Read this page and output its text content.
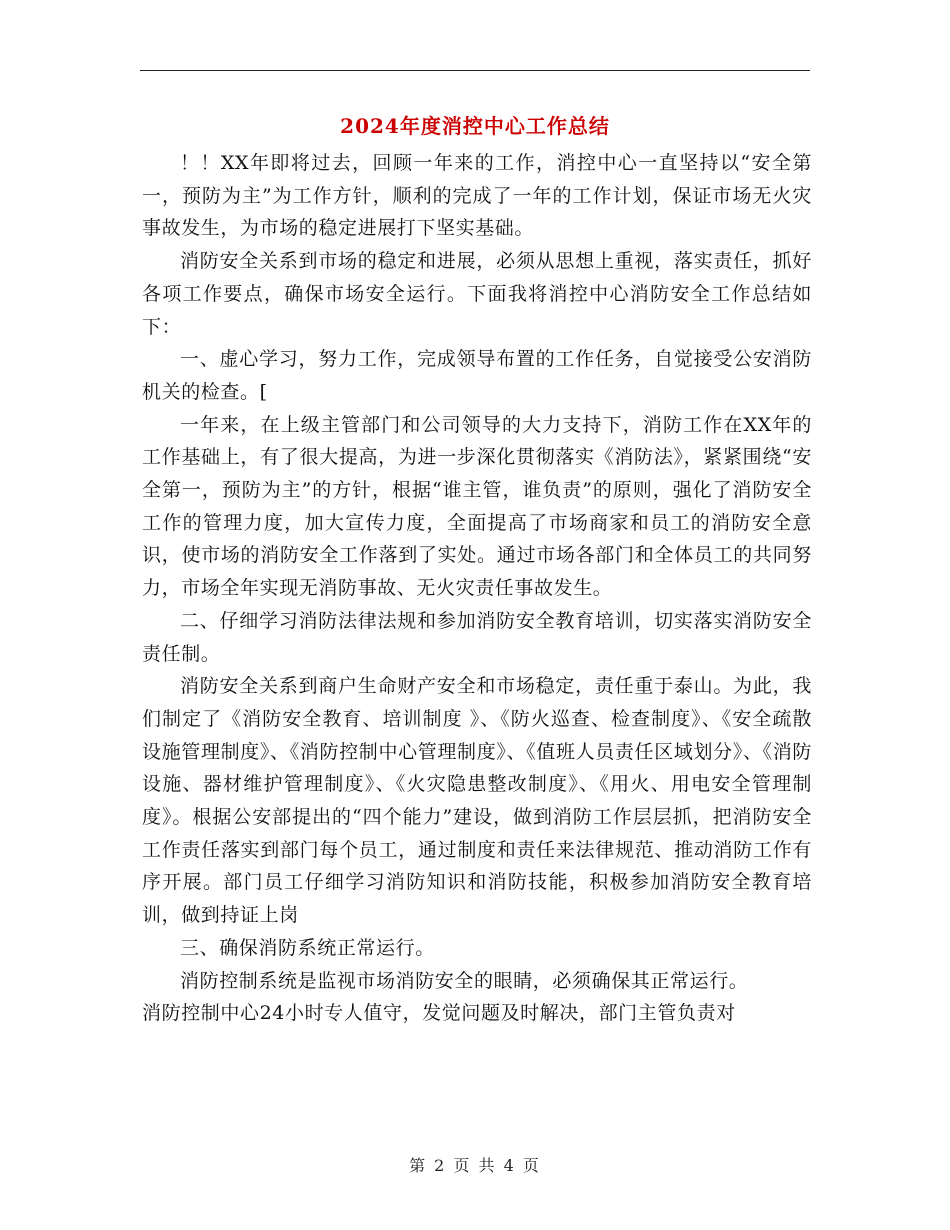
2024年度消控中心工作总结

！！XX年即将过去，回顾一年来的工作，消控中心一直坚持以“安全第一，预防为主”为工作方针，顺利的完成了一年的工作计划，保证市场无火灾事故发生，为市场的稳定进展打下坚实基础。

消防安全关系到市场的稳定和进展，必须从思想上重视，落实责任，抓好各项工作要点，确保市场安全运行。下面我将消控中心消防安全工作总结如下：

一、虚心学习，努力工作，完成领导布置的工作任务，自觉接受公安消防机关的检查。[

一年来，在上级主管部门和公司领导的大力支持下，消防工作在XX年的工作基础上，有了很大提高，为进一步深化贯彻落实《消防法》，紧紧围绕“安全第一，预防为主”的方针，根据“谁主管，谁负责”的原则，强化了消防安全工作的管理力度，加大宣传力度，全面提高了市场商家和员工的消防安全意识，使市场的消防安全工作落到了实处。通过市场各部门和全体员工的共同努力，市场全年实现无消防事故、无火灾责任事故发生。

二、仔细学习消防法律法规和参加消防安全教育培训，切实落实消防安全责任制。

消防安全关系到商户生命财产安全和市场稳定，责任重于泰山。为此，我们制定了《消防安全教育、培训制度 》、《防火巡查、检查制度》、《安全疏散设施管理制度》、《消防控制中心管理制度》、《值班人员责任区域划分》、《消防设施、器材维护管理制度》、《火灾隐患整改制度》、《用火、用电安全管理制度》。根据公安部提出的“四个能力”建设，做到消防工作层层抓，把消防安全工作责任落实到部门每个员工，通过制度和责任来法律规范、推动消防工作有序开展。部门员工仔细学习消防知识和消防技能，积极参加消防安全教育培训，做到持证上岗

三、确保消防系统正常运行。

消防控制系统是监视市场消防安全的眼睛，必须确保其正常运行。

消防控制中心24小时专人值守，发觉问题及时解决，部门主管负责对

第 2 页 共 4 页
